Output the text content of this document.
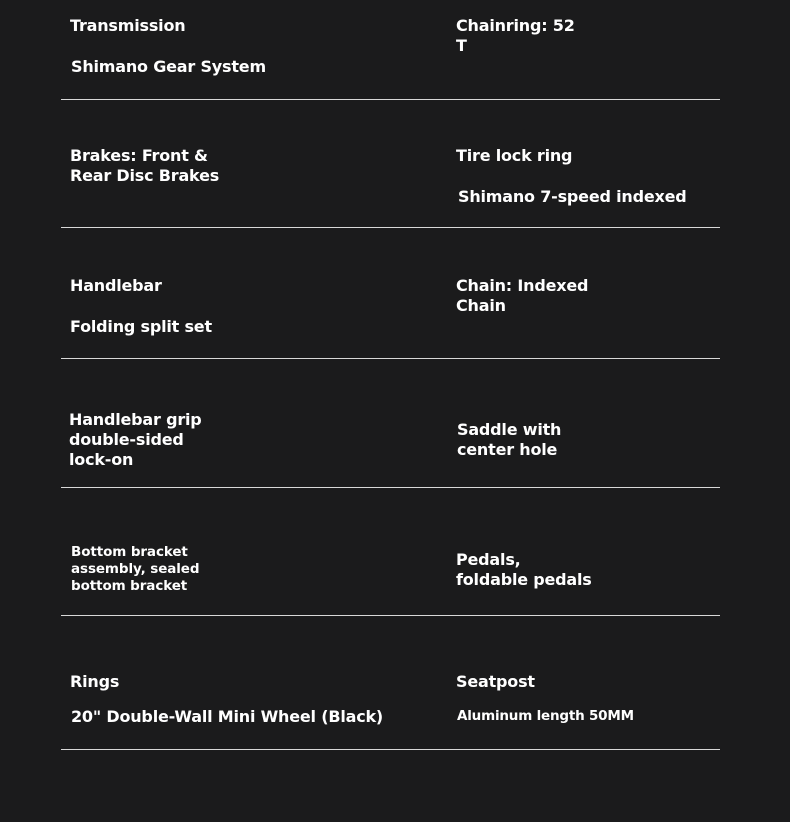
Transmission
Shimano Gear System
Chainring: 52
T
Brakes: Front &
Rear Disc Brakes
Tire lock ring
Shimano 7-speed indexed
Handlebar
Folding split set
Chain: Indexed
Chain
Handlebar grip
double-sided
lock-on
Saddle with
center hole
Bottom bracket
assembly, sealed
bottom bracket
Pedals,
foldable pedals
Rings
20" Double-Wall Mini Wheel (Black)
Seatpost
Aluminum length 50MM
